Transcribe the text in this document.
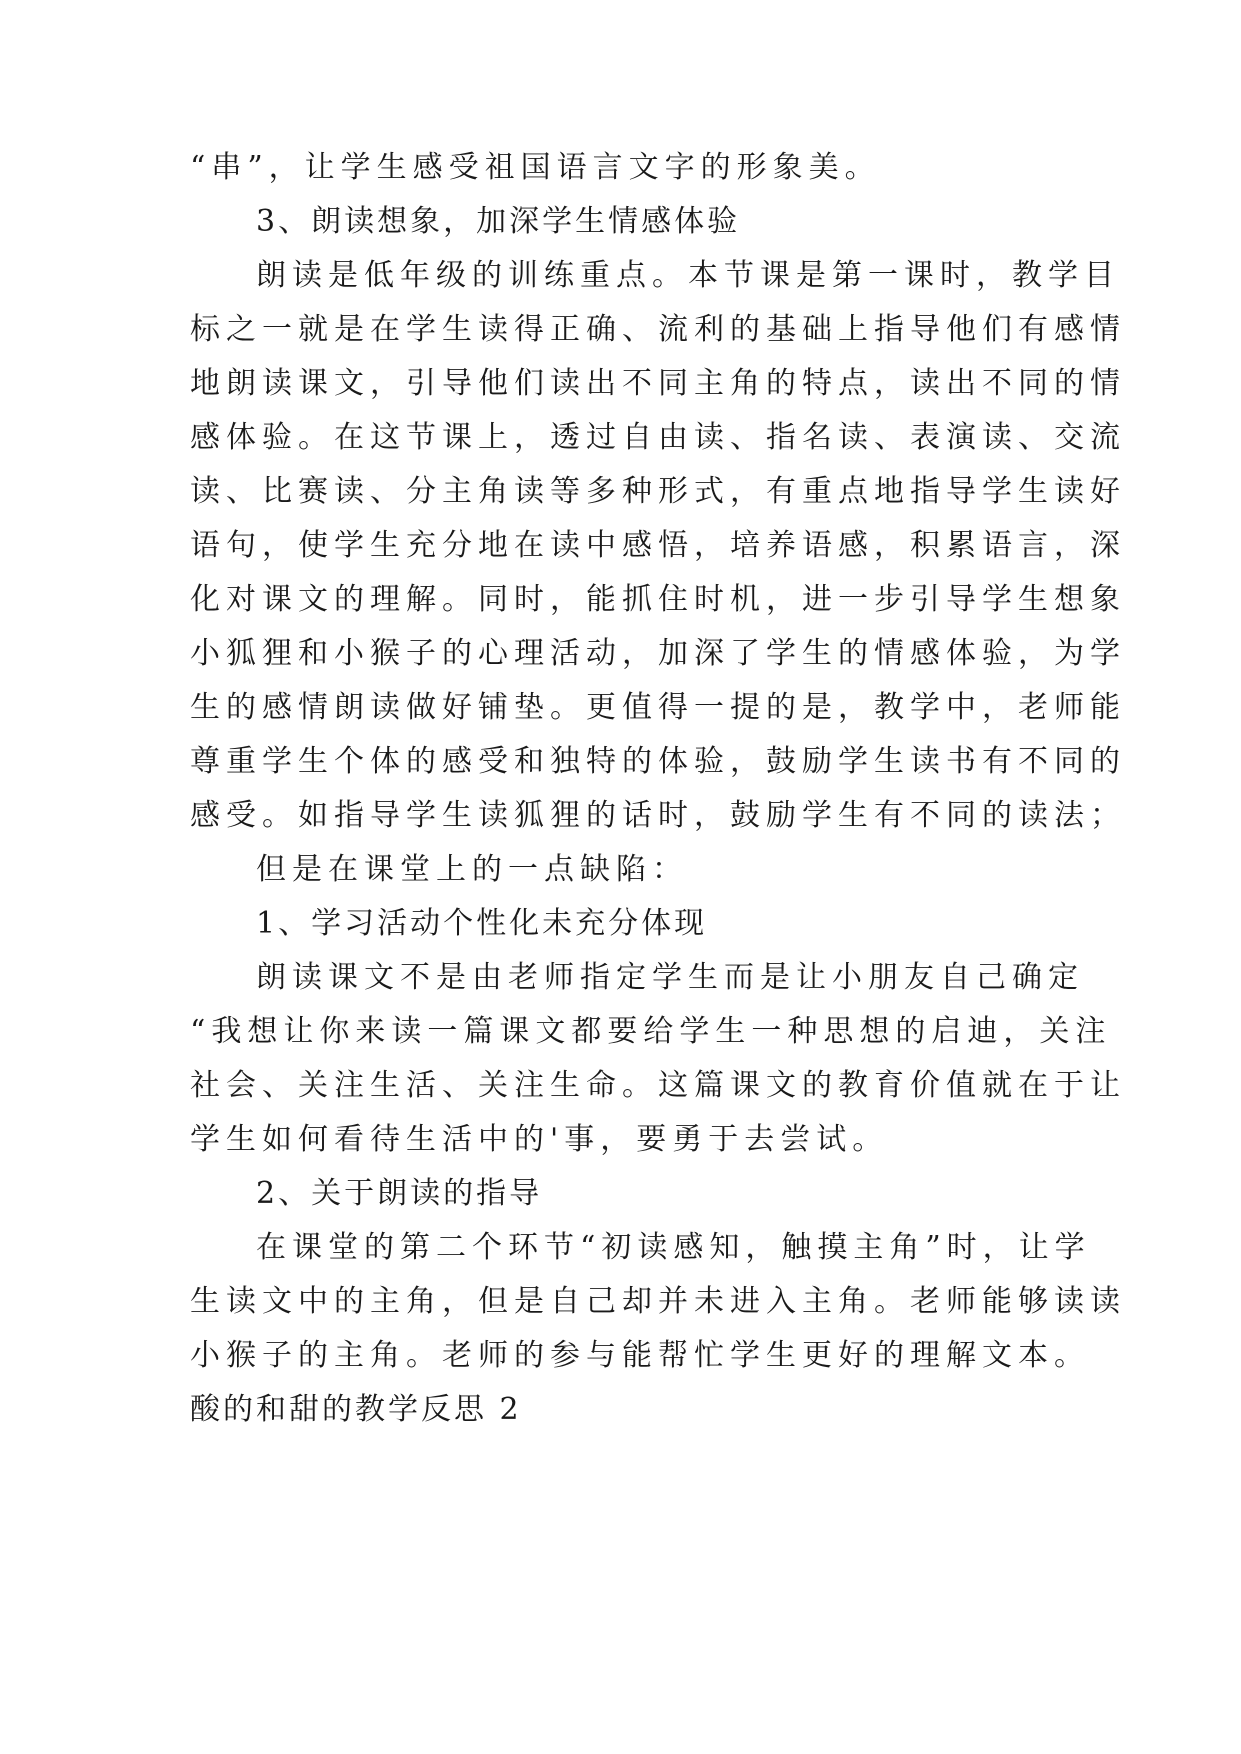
“串”，让学生感受祖国语言文字的形象美。
3、朗读想象，加深学生情感体验
朗读是低年级的训练重点。本节课是第一课时，教学目
标之一就是在学生读得正确、流利的基础上指导他们有感情
地朗读课文，引导他们读出不同主角的特点，读出不同的情
感体验。在这节课上，透过自由读、指名读、表演读、交流
读、比赛读、分主角读等多种形式，有重点地指导学生读好
语句，使学生充分地在读中感悟，培养语感，积累语言，深
化对课文的理解。同时，能抓住时机，进一步引导学生想象
小狐狸和小猴子的心理活动，加深了学生的情感体验，为学
生的感情朗读做好铺垫。更值得一提的是，教学中，老师能
尊重学生个体的感受和独特的体验，鼓励学生读书有不同的
感受。如指导学生读狐狸的话时，鼓励学生有不同的读法；
但是在课堂上的一点缺陷：
1、学习活动个性化未充分体现
朗读课文不是由老师指定学生而是让小朋友自己确定
“我想让你来读一篇课文都要给学生一种思想的启迪，关注
社会、关注生活、关注生命。这篇课文的教育价值就在于让
学生如何看待生活中的'事，要勇于去尝试。
2、关于朗读的指导
在课堂的第二个环节“初读感知，触摸主角”时，让学
生读文中的主角，但是自己却并未进入主角。老师能够读读
小猴子的主角。老师的参与能帮忙学生更好的理解文本。
酸的和甜的教学反思 2
